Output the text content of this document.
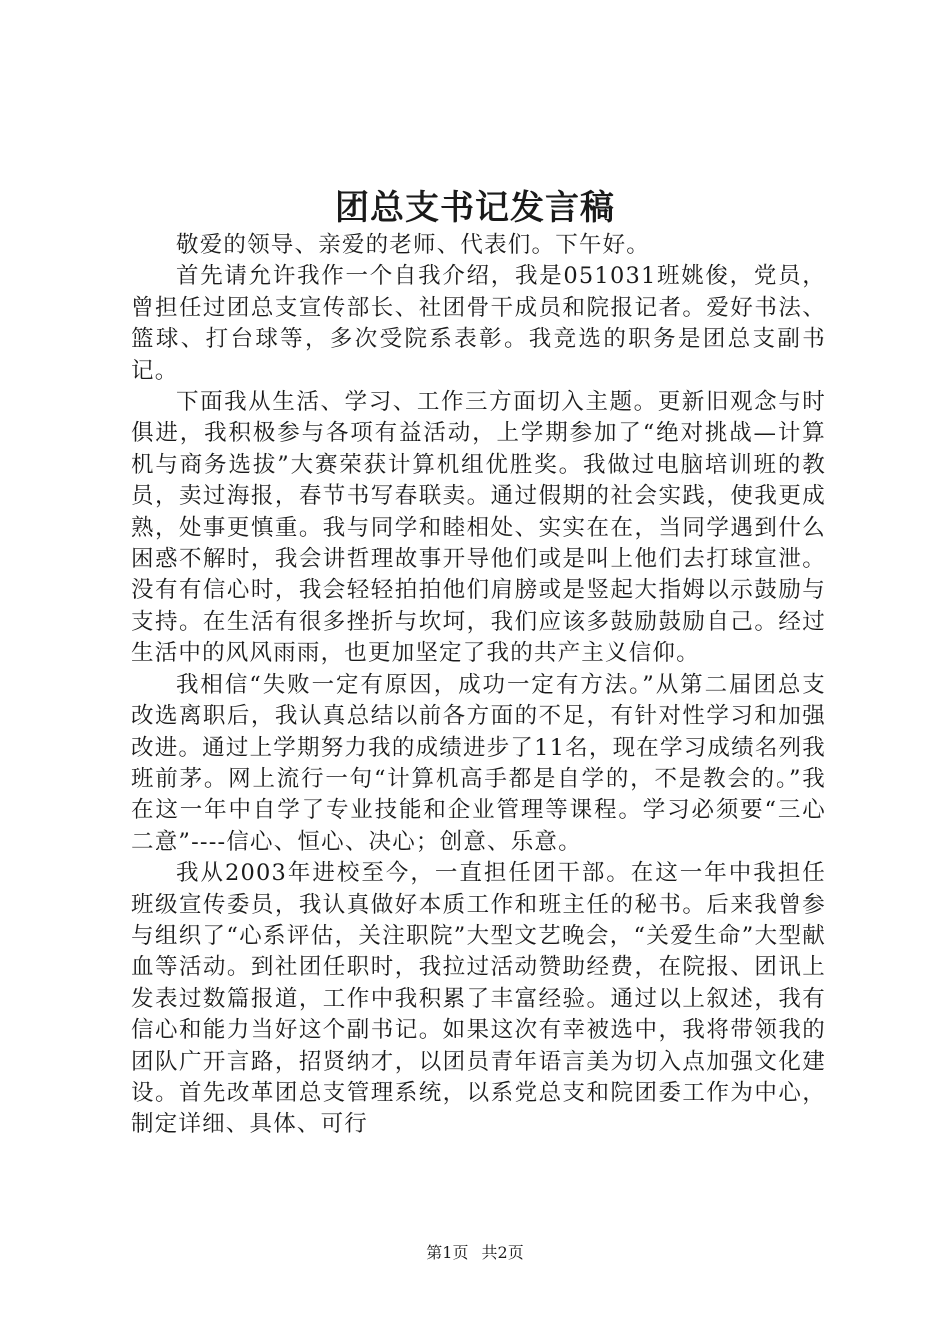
团总支书记发言稿

敬爱的领导、亲爱的老师、代表们。下午好。

首先请允许我作一个自我介绍，我是051031班姚俊，党员，曾担任过团总支宣传部长、社团骨干成员和院报记者。爱好书法、篮球、打台球等，多次受院系表彰。我竞选的职务是团总支副书记。

下面我从生活、学习、工作三方面切入主题。更新旧观念与时俱进，我积极参与各项有益活动，上学期参加了“绝对挑战—计算机与商务选拔”大赛荣获计算机组优胜奖。我做过电脑培训班的教员，卖过海报，春节书写春联卖。通过假期的社会实践，使我更成熟，处事更慎重。我与同学和睦相处、实实在在，当同学遇到什么困惑不解时，我会讲哲理故事开导他们或是叫上他们去打球宣泄。没有有信心时，我会轻轻拍拍他们肩膀或是竖起大指姆以示鼓励与支持。在生活有很多挫折与坎坷，我们应该多鼓励鼓励自己。经过生活中的风风雨雨，也更加坚定了我的共产主义信仰。

我相信“失败一定有原因，成功一定有方法。”从第二届团总支改选离职后，我认真总结以前各方面的不足，有针对性学习和加强改进。通过上学期努力我的成绩进步了11名，现在学习成绩名列我班前茅。网上流行一句“计算机高手都是自学的，不是教会的。”我在这一年中自学了专业技能和企业管理等课程。学习必须要“三心二意”----信心、恒心、决心；创意、乐意。

我从2003年进校至今，一直担任团干部。在这一年中我担任班级宣传委员，我认真做好本质工作和班主任的秘书。后来我曾参与组织了“心系评估，关注职院”大型文艺晚会，“关爱生命”大型献血等活动。到社团任职时，我拉过活动赞助经费，在院报、团讯上发表过数篇报道，工作中我积累了丰富经验。通过以上叙述，我有信心和能力当好这个副书记。如果这次有幸被选中，我将带领我的团队广开言路，招贤纳才，以团员青年语言美为切入点加强文化建设。首先改革团总支管理系统，以系党总支和院团委工作为中心，制定详细、具体、可行

第1页 共2页
